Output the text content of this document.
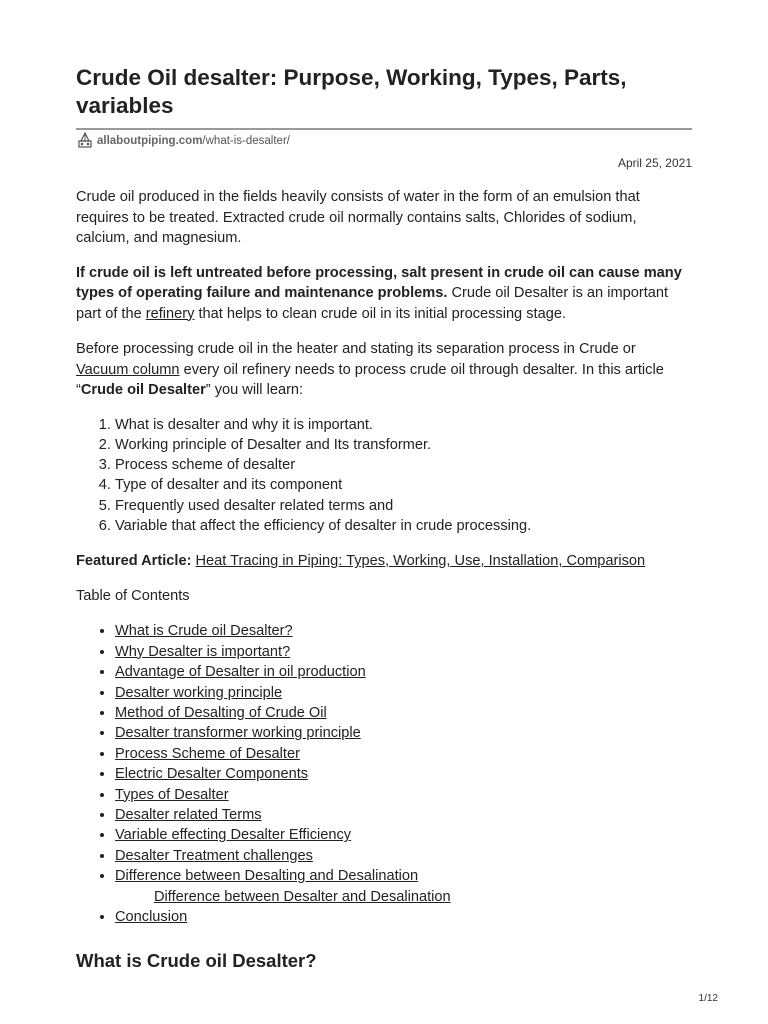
Crude Oil desalter: Purpose, Working, Types, Parts, variables
allaboutpiping.com /what-is-desalter/
April 25, 2021

Crude oil produced in the fields heavily consists of water in the form of an emulsion that requires to be treated. Extracted crude oil normally contains salts, Chlorides of sodium, calcium, and magnesium.

If crude oil is left untreated before processing, salt present in crude oil can cause many types of operating failure and maintenance problems. Crude oil Desalter is an important part of the refinery that helps to clean crude oil in its initial processing stage.

Before processing crude oil in the heater and stating its separation process in Crude or Vacuum column every oil refinery needs to process crude oil through desalter. In this article “Crude oil Desalter” you will learn:

1. What is desalter and why it is important.
2. Working principle of Desalter and Its transformer.
3. Process scheme of desalter
4. Type of desalter and its component
5. Frequently used desalter related terms and
6. Variable that affect the efficiency of desalter in crude processing.
Featured Article: Heat Tracing in Piping: Types, Working, Use, Installation, Comparison
Table of Contents
• What is Crude oil Desalter?
• Why Desalter is important?
• Advantage of Desalter in oil production
• Desalter working principle
• Method of Desalting of Crude Oil
• Desalter transformer working principle
• Process Scheme of Desalter
• Electric Desalter Components
• Types of Desalter
• Desalter related Terms
• Variable effecting Desalter Efficiency
• Desalter Treatment challenges
• Difference between Desalting and Desalination
Difference between Desalter and Desalination
• Conclusion
What is Crude oil Desalter?
1/12
